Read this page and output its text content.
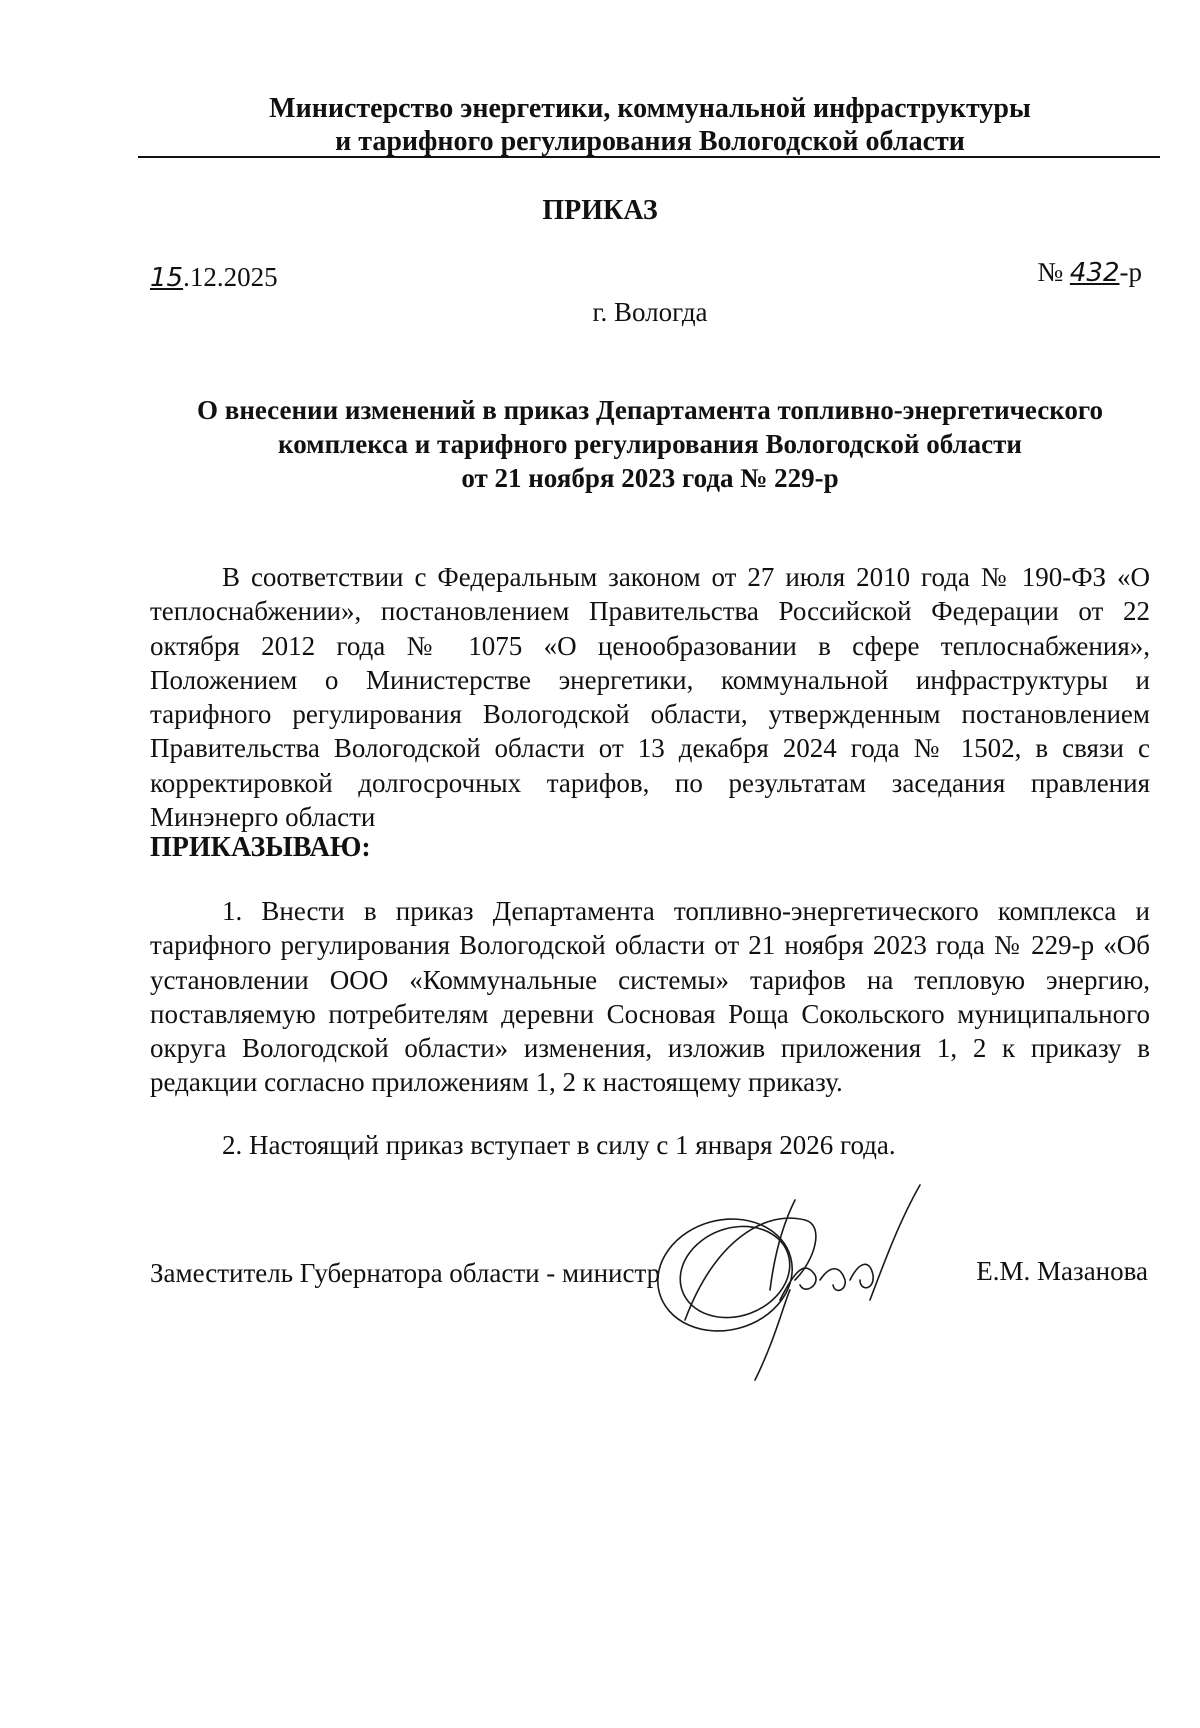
Министерство энергетики, коммунальной инфраструктуры
и тарифного регулирования Вологодской области
ПРИКАЗ
15.12.2025	№ 432-р
г. Вологда
О внесении изменений в приказ Департамента топливно-энергетического
комплекса и тарифного регулирования Вологодской области
от 21 ноября 2023 года № 229-р
В соответствии с Федеральным законом от 27 июля 2010 года № 190-ФЗ «О теплоснабжении», постановлением Правительства Российской Федерации от 22 октября 2012 года № 1075 «О ценообразовании в сфере теплоснабжения», Положением о Министерстве энергетики, коммунальной инфраструктуры и тарифного регулирования Вологодской области, утвержденным постановлением Правительства Вологодской области от 13 декабря 2024 года № 1502, в связи с корректировкой долгосрочных тарифов, по результатам заседания правления Минэнерго области
ПРИКАЗЫВАЮ:
1. Внести в приказ Департамента топливно-энергетического комплекса и тарифного регулирования Вологодской области от 21 ноября 2023 года № 229-р «Об установлении ООО «Коммунальные системы» тарифов на тепловую энергию, поставляемую потребителям деревни Сосновая Роща Сокольского муниципального округа Вологодской области» изменения, изложив приложения 1, 2 к приказу в редакции согласно приложениям 1, 2 к настоящему приказу.
2. Настоящий приказ вступает в силу с 1 января 2026 года.
Заместитель Губернатора области - министр	Е.М. Мазанова
